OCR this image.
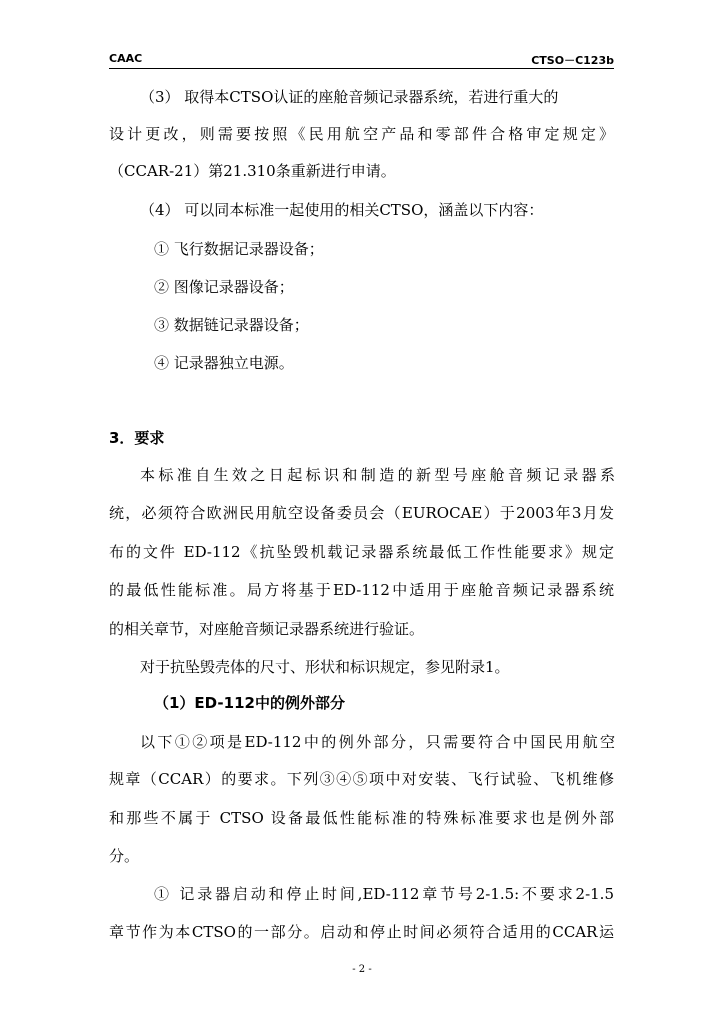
CAAC	CTSO－C123b
（3） 取得本CTSO认证的座舱音频记录器系统，若进行重大的
设计更改，则需要按照《民用航空产品和零部件合格审定规定》
（CCAR-21）第21.310条重新进行申请。
（4） 可以同本标准一起使用的相关CTSO，涵盖以下内容：
① 飞行数据记录器设备；
② 图像记录器设备；
③ 数据链记录器设备；
④ 记录器独立电源。
3．要求
本标准自生效之日起标识和制造的新型号座舱音频记录器系
统，必须符合欧洲民用航空设备委员会（EUROCAE）于2003年3月发
布的文件 ED-112《抗坠毁机载记录器系统最低工作性能要求》规定
的最低性能标准。局方将基于ED-112中适用于座舱音频记录器系统
的相关章节，对座舱音频记录器系统进行验证。
对于抗坠毁壳体的尺寸、形状和标识规定，参见附录1。
（1）ED-112中的例外部分
以下①②项是ED-112中的例外部分，只需要符合中国民用航空
规章（CCAR）的要求。下列③④⑤项中对安装、飞行试验、飞机维修
和那些不属于 CTSO 设备最低性能标准的特殊标准要求也是例外部
分。
① 记录器启动和停止时间,ED-112章节号2-1.5:不要求2-1.5
章节作为本CTSO的一部分。启动和停止时间必须符合适用的CCAR运
- 2 -
